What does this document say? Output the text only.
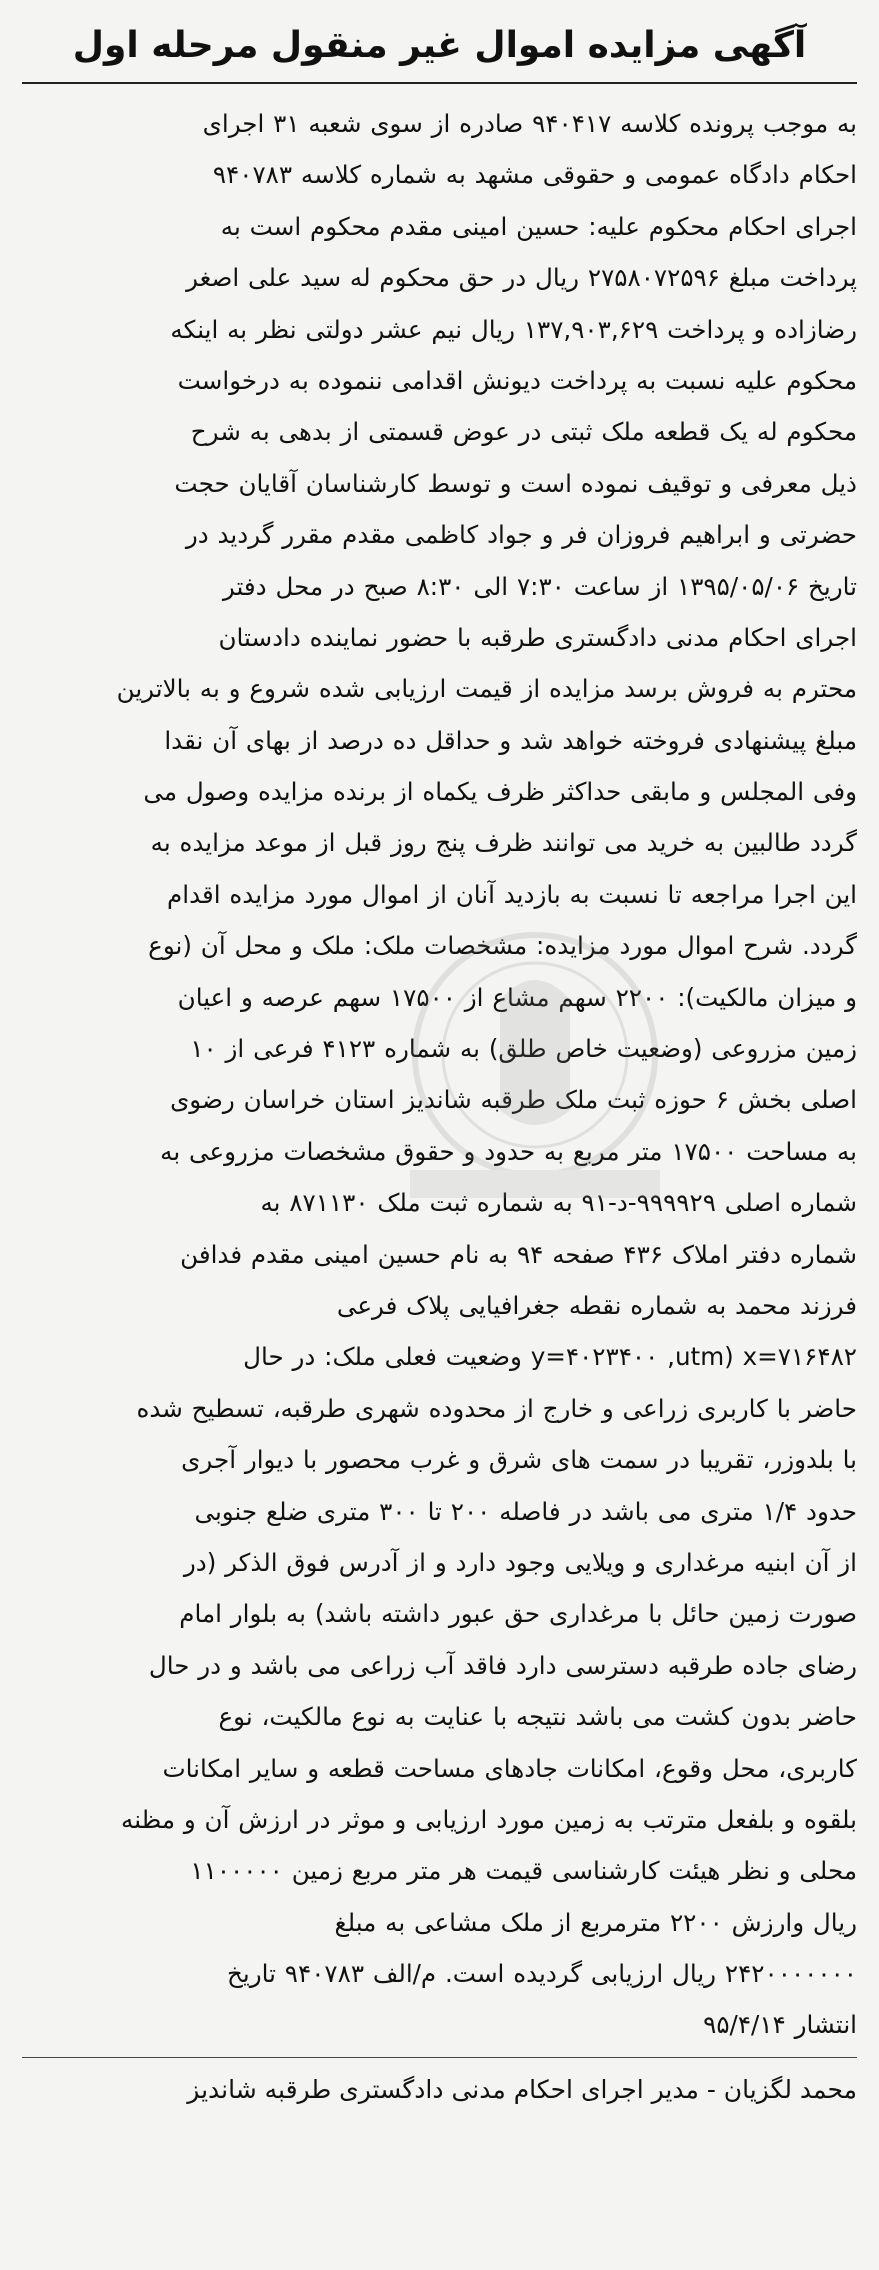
آگهی مزایده اموال غیر منقول مرحله اول
به موجب پرونده کلاسه ۹۴۰۴۱۷ صادره از سوی شعبه ۳۱ اجرای
احکام دادگاه عمومی و حقوقی مشهد به شماره کلاسه ۹۴۰۷۸۳
اجرای احکام محکوم علیه: حسین امینی مقدم محکوم است به
پرداخت مبلغ ۲۷۵۸۰۷۲۵۹۶ ریال در حق محکوم له سید علی اصغر
رضازاده و پرداخت ۱۳۷,۹۰۳,۶۲۹ ریال نیم عشر دولتی نظر به اینکه
محکوم علیه نسبت به پرداخت دیونش اقدامی ننموده به درخواست
محکوم له یک قطعه ملک ثبتی در عوض قسمتی از بدهی به شرح
ذیل معرفی و توقیف نموده است و توسط کارشناسان آقایان حجت
حضرتی و ابراهیم فروزان فر و جواد کاظمی مقدم مقرر گردید در
تاریخ ۱۳۹۵/۰۵/۰۶ از ساعت ۷:۳۰ الی ۸:۳۰ صبح در محل دفتر
اجرای احکام مدنی دادگستری طرقبه با حضور نماینده دادستان
محترم به فروش برسد مزایده از قیمت ارزیابی شده شروع و به بالاترین
مبلغ پیشنهادی فروخته خواهد شد و حداقل ده درصد از بهای آن نقدا
وفی المجلس و مابقی حداکثر ظرف یکماه از برنده مزایده وصول می
گردد طالبین به خرید می توانند ظرف پنج روز قبل از موعد مزایده به
این اجرا مراجعه تا نسبت به بازدید آنان از اموال مورد مزایده اقدام
گردد. شرح اموال مورد مزایده: مشخصات ملک: ملک و محل آن (نوع
و میزان مالکیت): ۲۲۰۰ سهم مشاع از ۱۷۵۰۰ سهم عرصه و اعیان
زمین مزروعی (وضعیت خاص طلق) به شماره ۴۱۲۳ فرعی از ۱۰
اصلی بخش ۶ حوزه ثبت ملک طرقبه شاندیز استان خراسان رضوی
به مساحت ۱۷۵۰۰ متر مربع به حدود و حقوق مشخصات مزروعی به
شماره اصلی ۹۹۹۹۲۹-د-۹۱ به شماره ثبت ملک ۸۷۱۱۳۰ به
شماره دفتر املاک ۴۳۶ صفحه ۹۴ به نام حسین امینی مقدم فدافن
فرزند محمد به شماره نقطه جغرافیایی پلاک فرعی
y=۴۰۲۳۴۰۰ ,utm) x=۷۱۶۴۸۲ وضعیت فعلی ملک: در حال
حاضر با کاربری زراعی و خارج از محدوده شهری طرقبه، تسطیح شده
با بلدوزر، تقریبا در سمت های شرق و غرب محصور با دیوار آجری
حدود ۱/۴ متری می باشد در فاصله ۲۰۰ تا ۳۰۰ متری ضلع جنوبی
از آن ابنیه مرغداری و ویلایی وجود دارد و از آدرس فوق الذکر (در
صورت زمین حائل با مرغداری حق عبور داشته باشد) به بلوار امام
رضای جاده طرقبه دسترسی دارد فاقد آب زراعی می باشد و در حال
حاضر بدون کشت می باشد نتیجه با عنایت به نوع مالکیت، نوع
کاربری، محل وقوع، امکانات جادهای مساحت قطعه و سایر امکانات
بلقوه و بلفعل مترتب به زمین مورد ارزیابی و موثر در ارزش آن و مظنه
محلی و نظر هیئت کارشناسی قیمت هر متر مربع زمین ۱۱۰۰۰۰۰
ریال وارزش ۲۲۰۰ مترمربع از ملک مشاعی به مبلغ
۲۴۲۰۰۰۰۰۰۰ ریال ارزیابی گردیده است. م/الف ۹۴۰۷۸۳ تاریخ
انتشار ۹۵/۴/۱۴
محمد لگزیان - مدیر اجرای احکام مدنی دادگستری طرقبه شاندیز
